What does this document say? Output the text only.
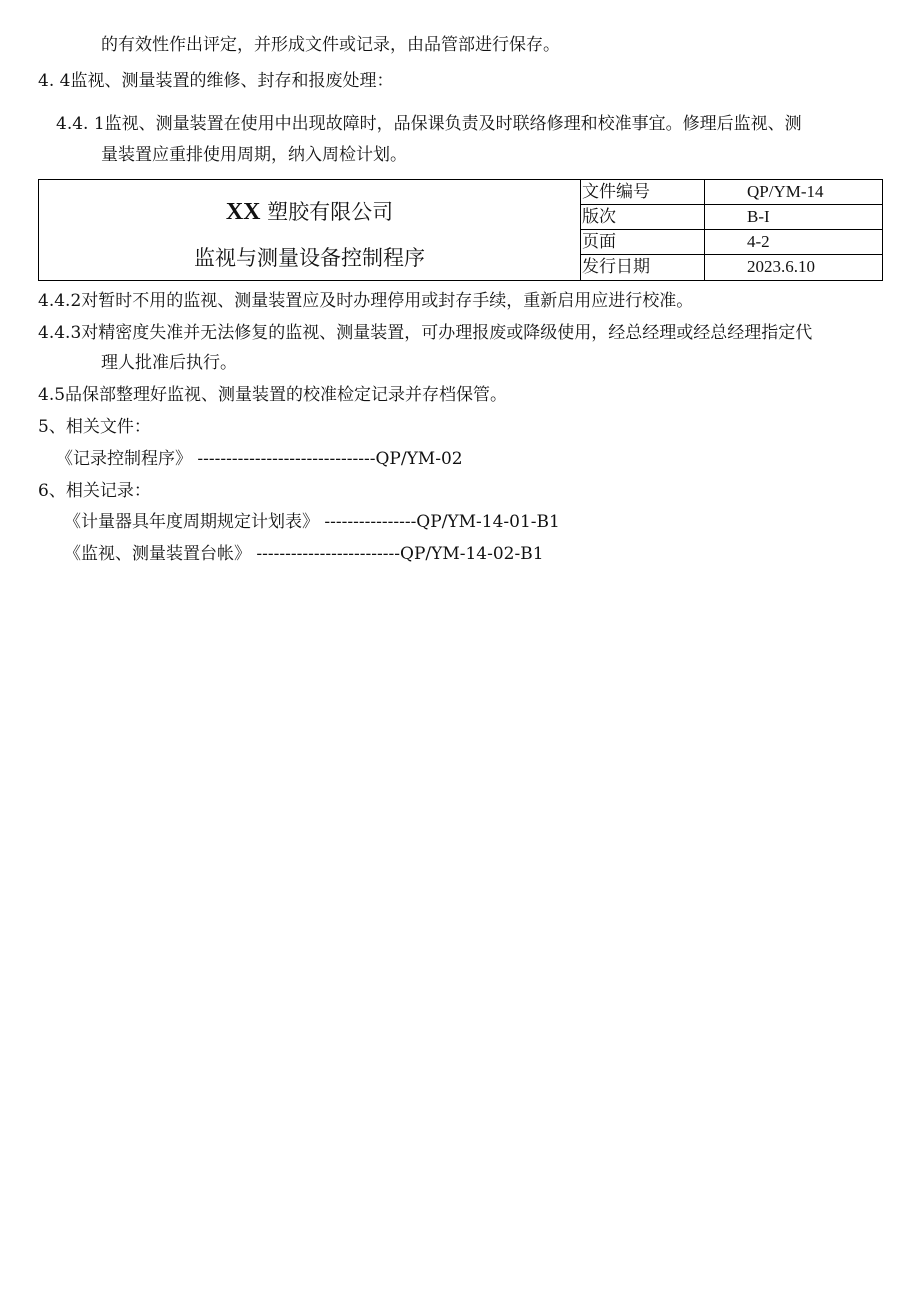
的有效性作出评定，并形成文件或记录，由品管部进行保存。
4. 4监视、测量装置的维修、封存和报废处理：
4.4. 1监视、测量装置在使用中出现故障时，品保课负责及时联络修理和校准事宜。修理后监视、测
量装置应重排使用周期，纳入周检计划。
XX 塑胶有限公司
监视与测量设备控制程序
文件编号	QP/YM-14
版次	B-I
页面	4-2
发行日期	2023.6.10
4.4.2对暂时不用的监视、测量装置应及时办理停用或封存手续，重新启用应进行校准。
4.4.3对精密度失准并无法修复的监视、测量装置，可办理报废或降级使用，经总经理或经总经理指定代
理人批准后执行。
4.5品保部整理好监视、测量装置的校准检定记录并存档保管。
5、相关文件：
《记录控制程序》 -------------------------------QP/YM-02
6、相关记录：
《计量器具年度周期规定计划表》 ----------------QP/YM-14-01-B1
《监视、测量装置台帐》 -------------------------QP/YM-14-02-B1
